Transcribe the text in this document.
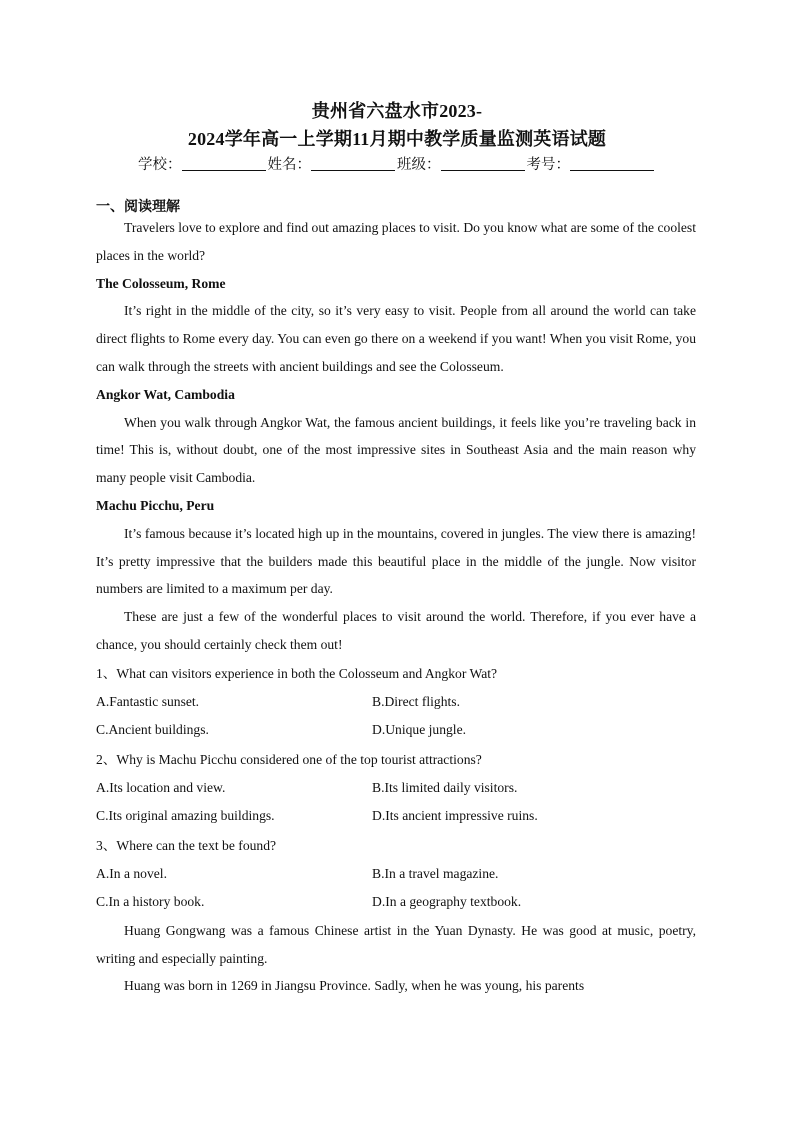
贵州省六盘水市2023-
2024学年高一上学期11月期中教学质量监测英语试题
学校：	姓名：	班级：	考号：
一、阅读理解

Travelers love to explore and find out amazing places to visit. Do you know what are some of the coolest places in the world?

The Colosseum, Rome

It’s right in the middle of the city, so it’s very easy to visit. People from all around the world can take direct flights to Rome every day. You can even go there on a weekend if you want! When you visit Rome, you can walk through the streets with ancient buildings and see the Colosseum.

Angkor Wat, Cambodia

When you walk through Angkor Wat, the famous ancient buildings, it feels like you’re traveling back in time! This is, without doubt, one of the most impressive sites in Southeast Asia and the main reason why many people visit Cambodia.

Machu Picchu, Peru

It’s famous because it’s located high up in the mountains, covered in jungles. The view there is amazing! It’s pretty impressive that the builders made this beautiful place in the middle of the jungle. Now visitor numbers are limited to a maximum per day.

These are just a few of the wonderful places to visit around the world. Therefore, if you ever have a chance, you should certainly check them out!

1、What can visitors experience in both the Colosseum and Angkor Wat?

A.Fantastic sunset.	B.Direct flights.
C.Ancient buildings.	D.Unique jungle.

2、Why is Machu Picchu considered one of the top tourist attractions?

A.Its location and view.	B.Its limited daily visitors.
C.Its original amazing buildings.	D.Its ancient impressive ruins.

3、Where can the text be found?

A.In a novel.	B.In a travel magazine.
C.In a history book.	D.In a geography textbook.

Huang Gongwang was a famous Chinese artist in the Yuan Dynasty. He was good at music, poetry, writing and especially painting.

Huang was born in 1269 in Jiangsu Province. Sadly, when he was young, his parents
